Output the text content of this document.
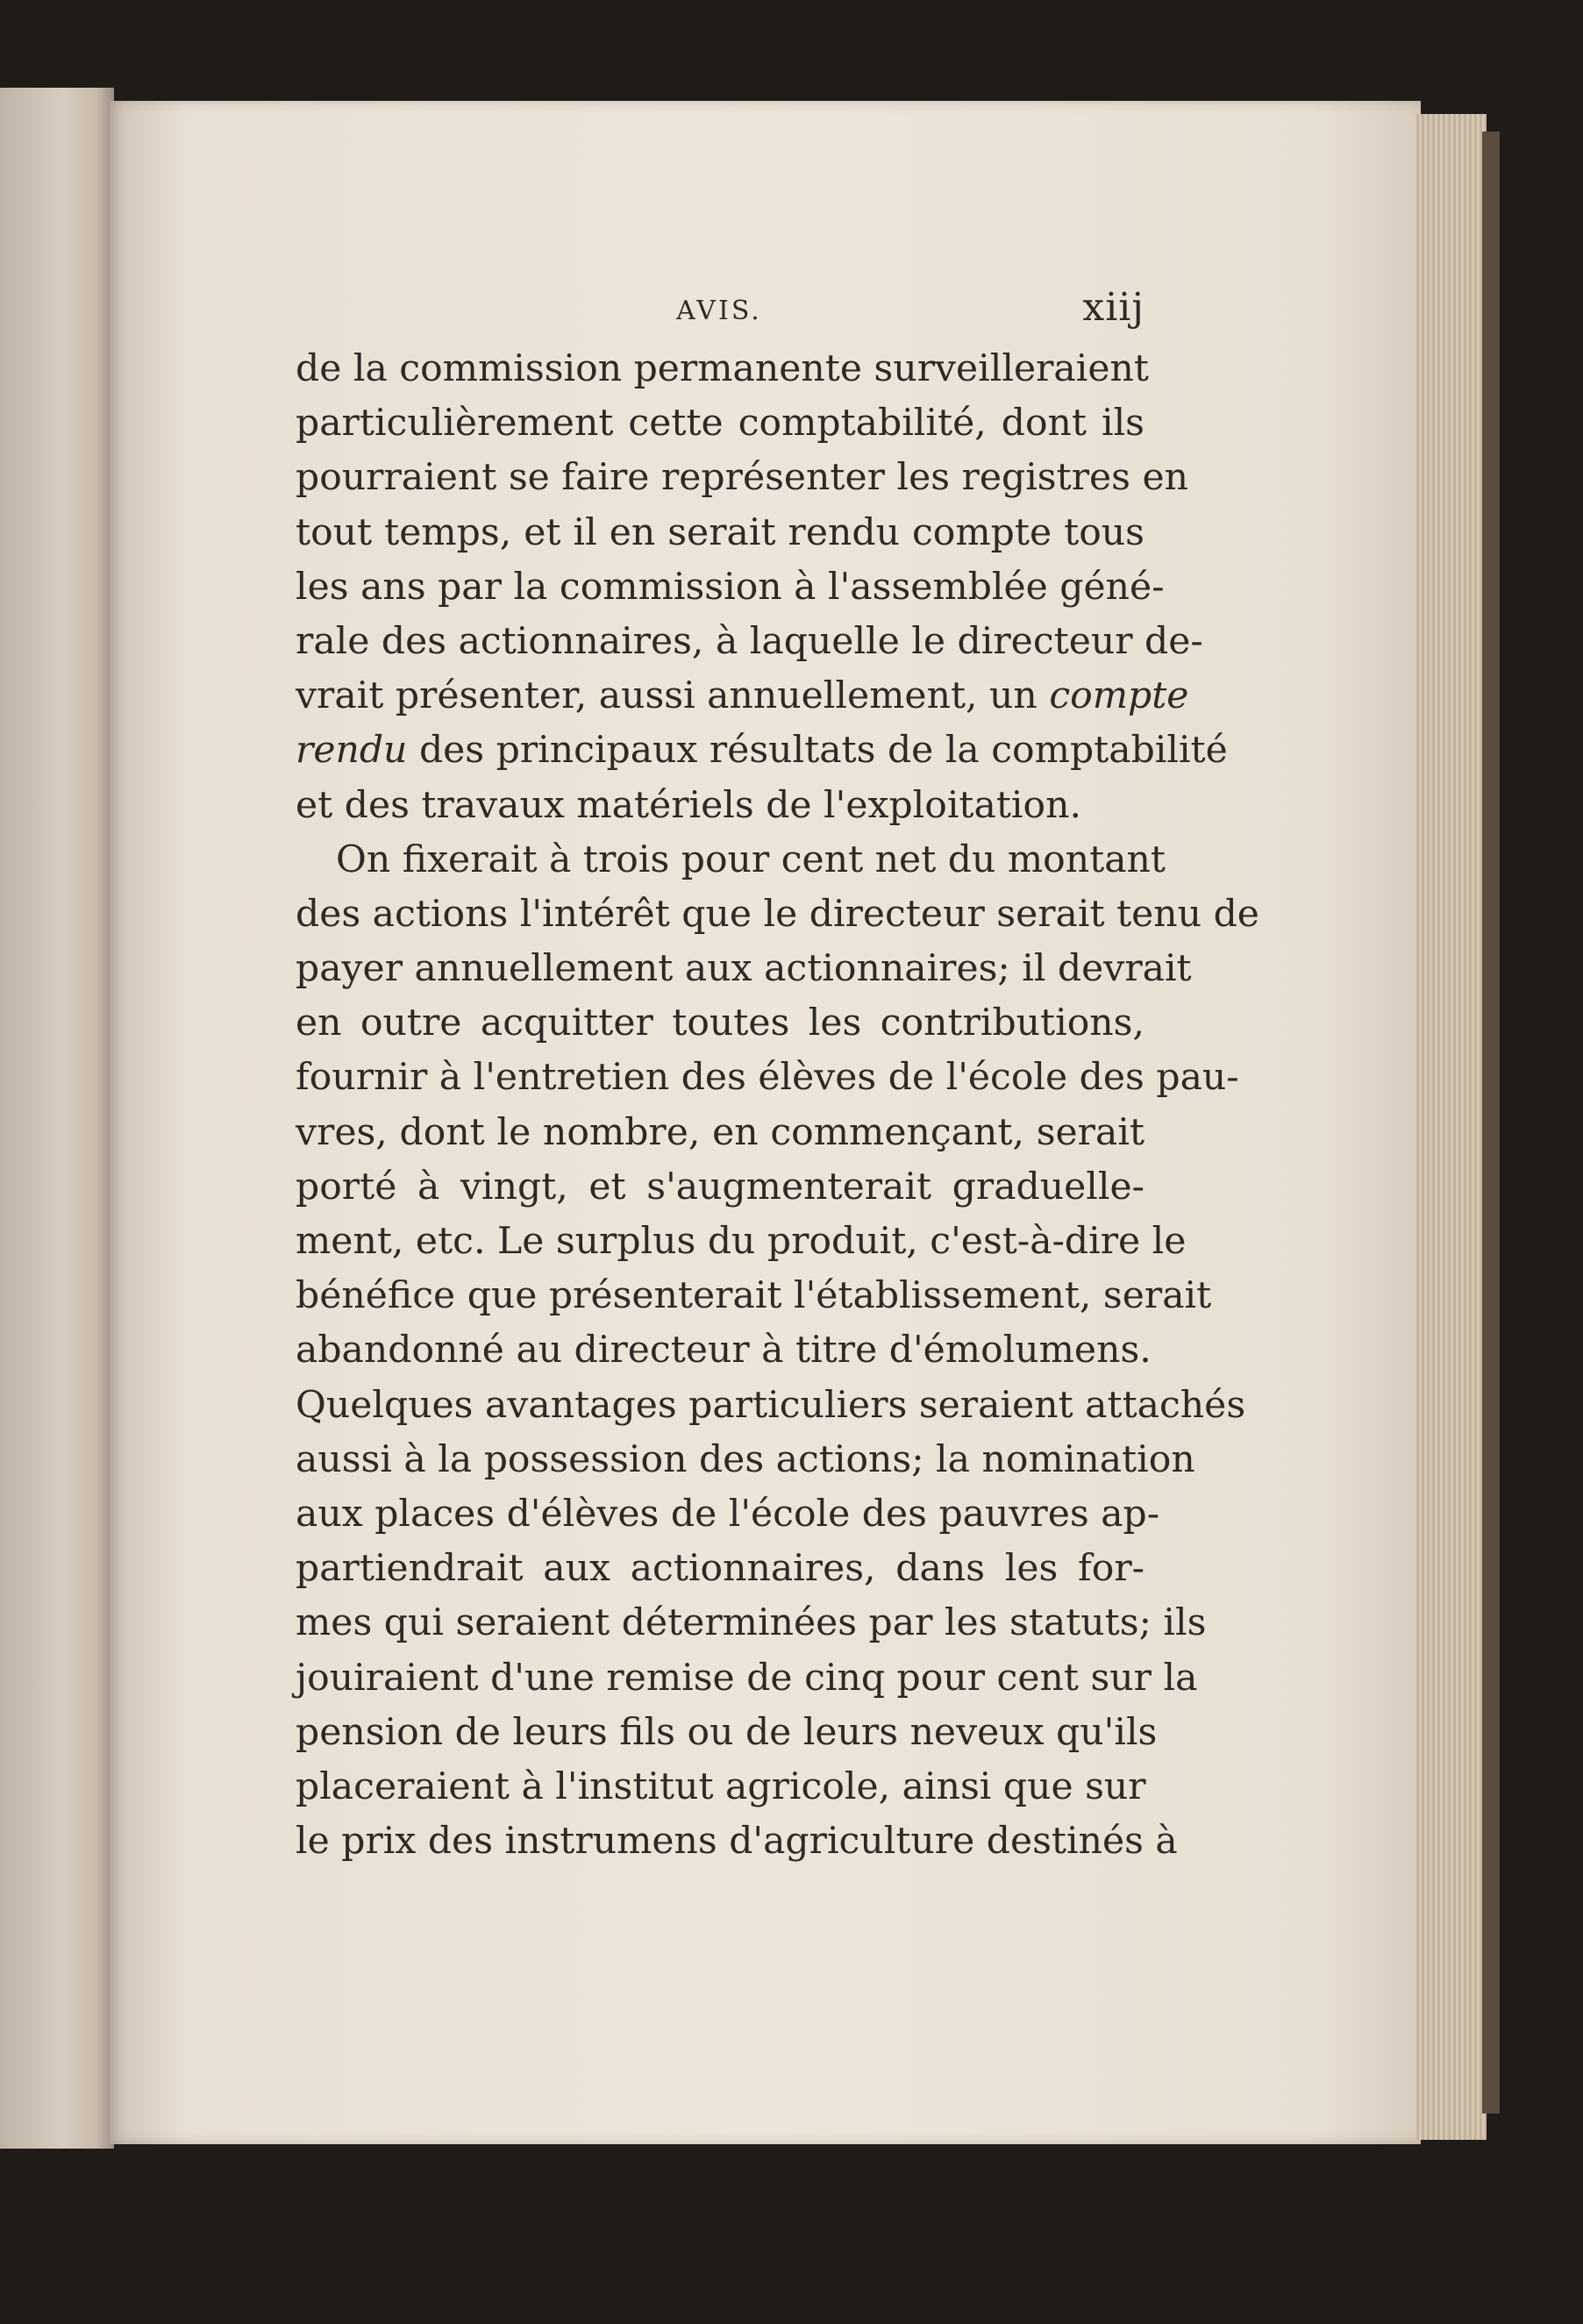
AVIS.	xiij
de la commission permanente surveilleraient
particulièrement cette comptabilité, dont ils
pourraient se faire représenter les registres en
tout temps, et il en serait rendu compte tous
les ans par la commission à l'assemblée géné-
rale des actionnaires, à laquelle le directeur de-
vrait présenter, aussi annuellement, un compte
rendu des principaux résultats de la comptabilité
et des travaux matériels de l'exploitation.
On fixerait à trois pour cent net du montant
des actions l'intérêt que le directeur serait tenu de
payer annuellement aux actionnaires; il devrait
en outre acquitter toutes les contributions,
fournir à l'entretien des élèves de l'école des pau-
vres, dont le nombre, en commençant, serait
porté à vingt, et s'augmenterait graduelle-
ment, etc. Le surplus du produit, c'est-à-dire le
bénéfice que présenterait l'établissement, serait
abandonné au directeur à titre d'émolumens.
Quelques avantages particuliers seraient attachés
aussi à la possession des actions; la nomination
aux places d'élèves de l'école des pauvres ap-
partiendrait aux actionnaires, dans les for-
mes qui seraient déterminées par les statuts; ils
jouiraient d'une remise de cinq pour cent sur la
pension de leurs fils ou de leurs neveux qu'ils
placeraient à l'institut agricole, ainsi que sur
le prix des instrumens d'agriculture destinés à
